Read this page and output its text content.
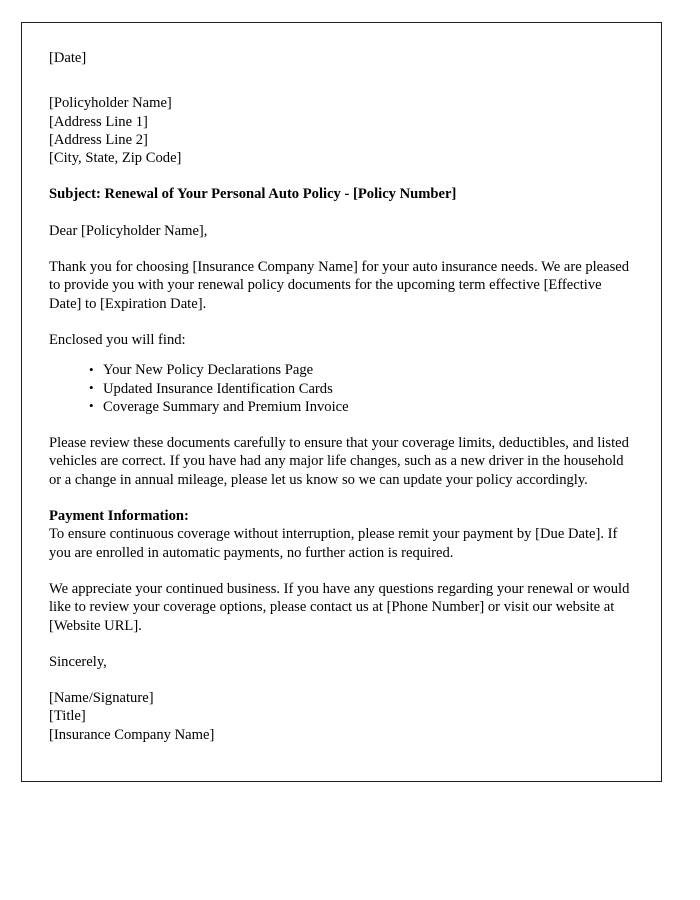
[Date]
[Policyholder Name]
[Address Line 1]
[Address Line 2]
[City, State, Zip Code]
Subject: Renewal of Your Personal Auto Policy - [Policy Number]
Dear [Policyholder Name],
Thank you for choosing [Insurance Company Name] for your auto insurance needs. We are pleased to provide you with your renewal policy documents for the upcoming term effective [Effective Date] to [Expiration Date].
Enclosed you will find:
• Your New Policy Declarations Page
• Updated Insurance Identification Cards
• Coverage Summary and Premium Invoice
Please review these documents carefully to ensure that your coverage limits, deductibles, and listed vehicles are correct. If you have had any major life changes, such as a new driver in the household or a change in annual mileage, please let us know so we can update your policy accordingly.
Payment Information:
To ensure continuous coverage without interruption, please remit your payment by [Due Date]. If you are enrolled in automatic payments, no further action is required.
We appreciate your continued business. If you have any questions regarding your renewal or would like to review your coverage options, please contact us at [Phone Number] or visit our website at [Website URL].
Sincerely,
[Name/Signature]
[Title]
[Insurance Company Name]
